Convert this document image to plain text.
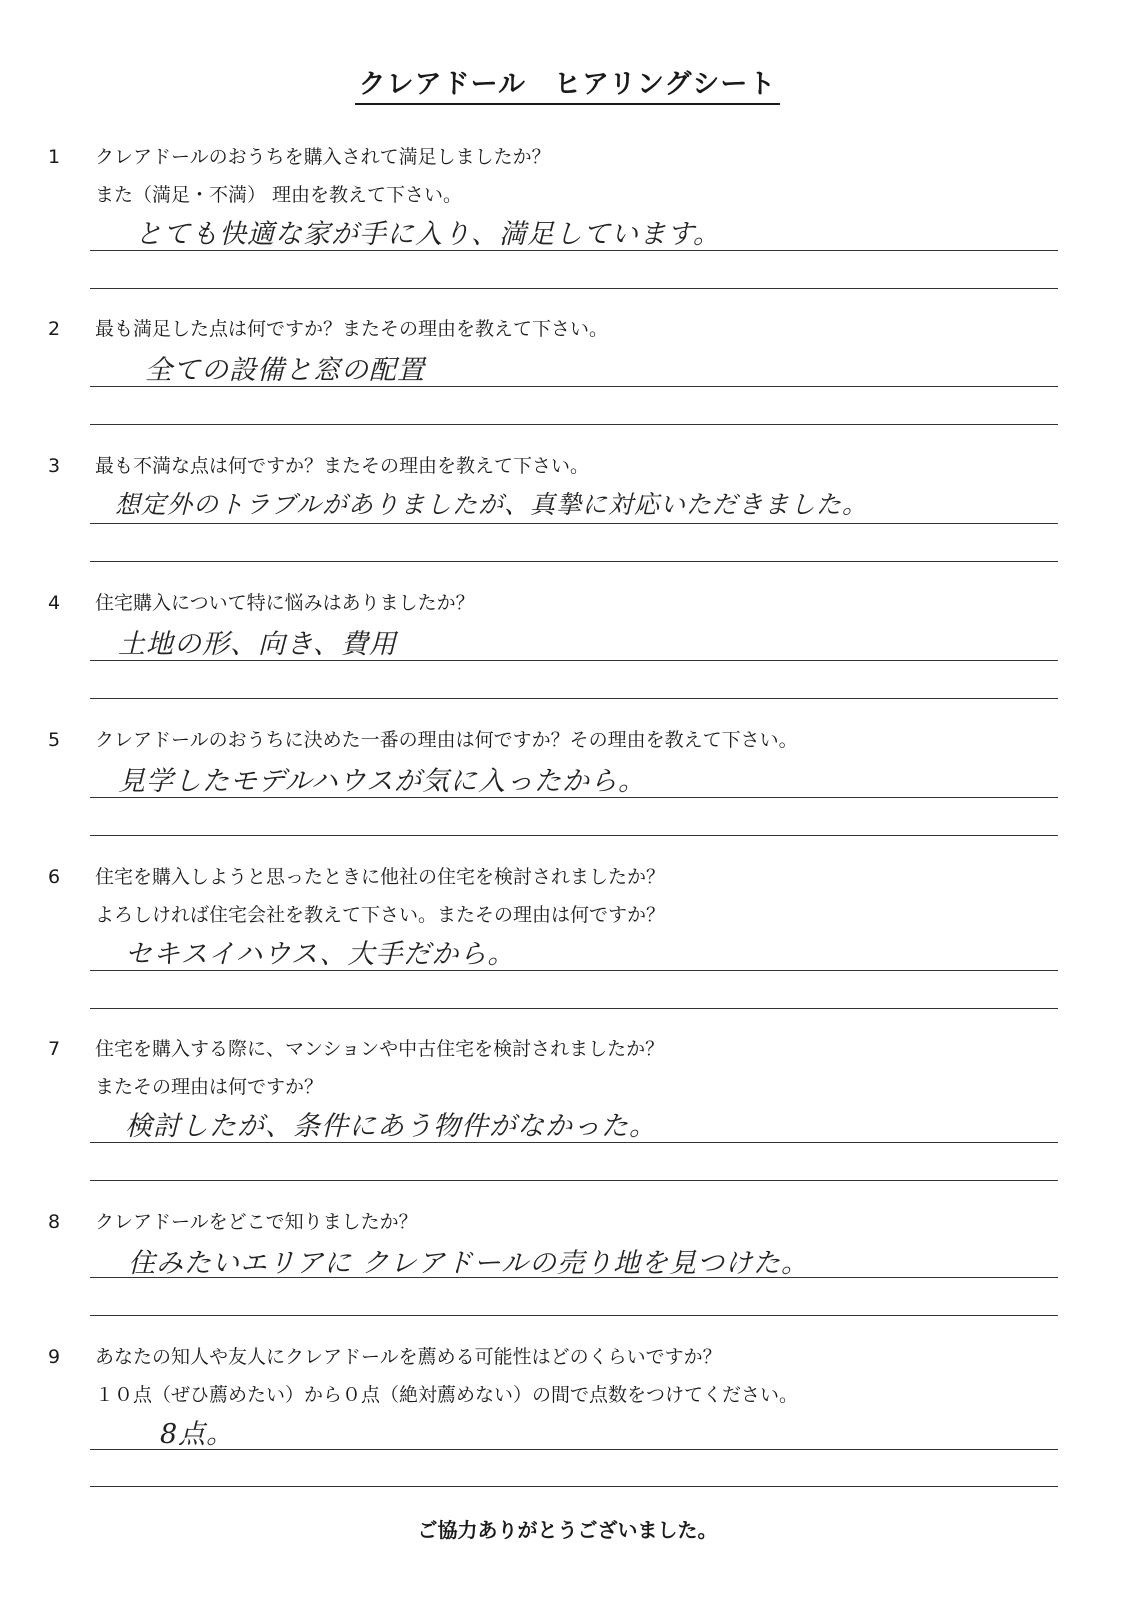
クレアドール　ヒアリングシート
1 クレアドールのおうちを購入されて満足しましたか？
また（満足・不満） 理由を教えて下さい。
とても快適な家が手に入り、満足しています。
2 最も満足した点は何ですか？またその理由を教えて下さい。
全ての設備と窓の配置
3 最も不満な点は何ですか？またその理由を教えて下さい。
想定外のトラブルがありましたが、真摯に対応いただきました。
4 住宅購入について特に悩みはありましたか？
土地の形、向き、費用
5 クレアドールのおうちに決めた一番の理由は何ですか？その理由を教えて下さい。
見学したモデルハウスが気に入ったから。
6 住宅を購入しようと思ったときに他社の住宅を検討されましたか？
よろしければ住宅会社を教えて下さい。またその理由は何ですか？
セキスイハウス、大手だから。
7 住宅を購入する際に、マンションや中古住宅を検討されましたか？
またその理由は何ですか？
検討したが、条件にあう物件がなかった。
8 クレアドールをどこで知りましたか？
住みたいエリアに クレアドールの売り地を見つけた。
9 あなたの知人や友人にクレアドールを薦める可能性はどのくらいですか？
１０点（ぜひ薦めたい）から０点（絶対薦めない）の間で点数をつけてください。
8点。
ご協力ありがとうございました。
